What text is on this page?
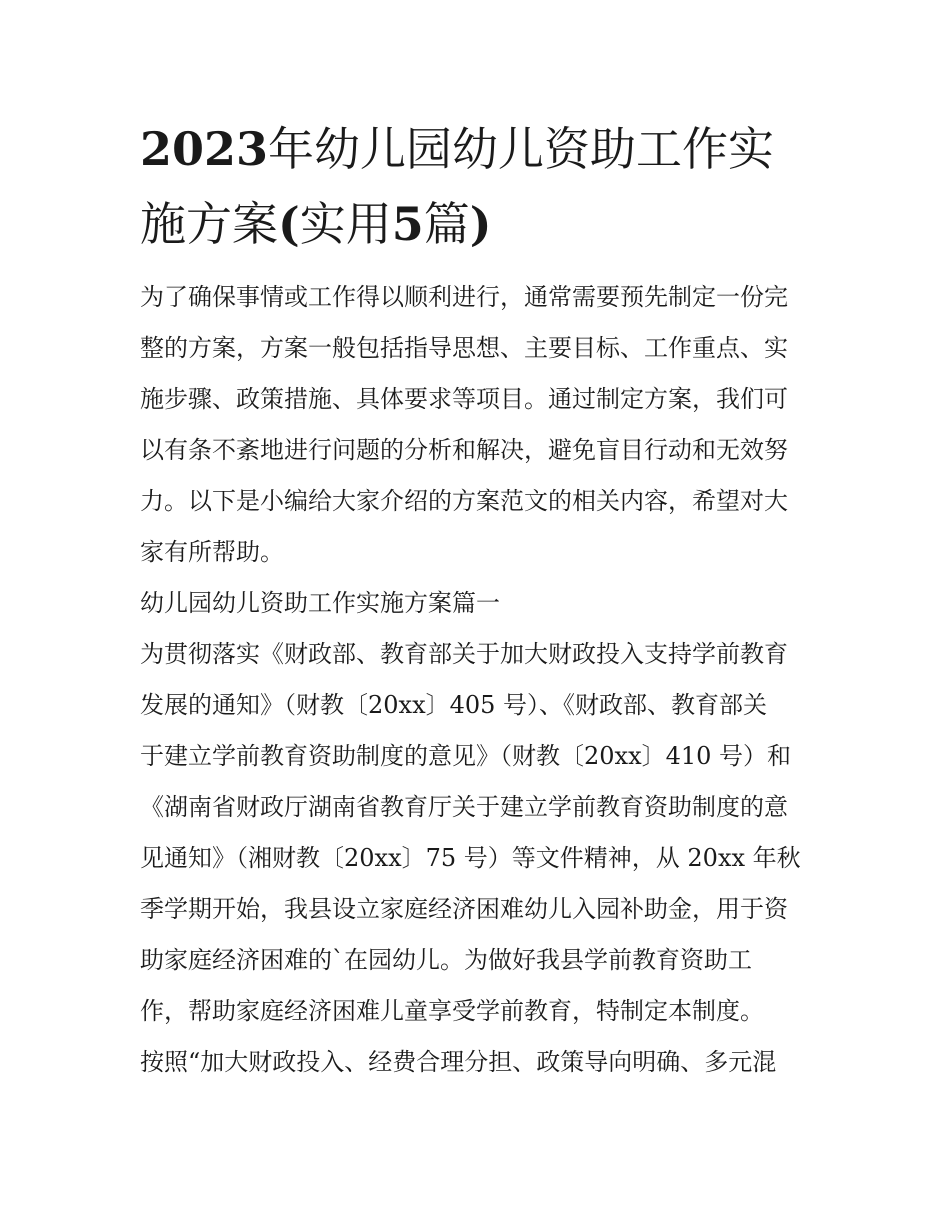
2023年幼儿园幼儿资助工作实
施方案(实用5篇)
为了确保事情或工作得以顺利进行，通常需要预先制定一份完
整的方案，方案一般包括指导思想、主要目标、工作重点、实
施步骤、政策措施、具体要求等项目。通过制定方案，我们可
以有条不紊地进行问题的分析和解决，避免盲目行动和无效努
力。以下是小编给大家介绍的方案范文的相关内容，希望对大
家有所帮助。
幼儿园幼儿资助工作实施方案篇一
为贯彻落实《财政部、教育部关于加大财政投入支持学前教育
发展的通知》（财教〔20xx〕405 号）、《财政部、教育部关
于建立学前教育资助制度的意见》（财教〔20xx〕410 号）和
《湖南省财政厅湖南省教育厅关于建立学前教育资助制度的意
见通知》（湘财教〔20xx〕75 号）等文件精神，从 20xx 年秋
季学期开始，我县设立家庭经济困难幼儿入园补助金，用于资
助家庭经济困难的`在园幼儿。为做好我县学前教育资助工
作，帮助家庭经济困难儿童享受学前教育，特制定本制度。
按照“加大财政投入、经费合理分担、政策导向明确、多元混
